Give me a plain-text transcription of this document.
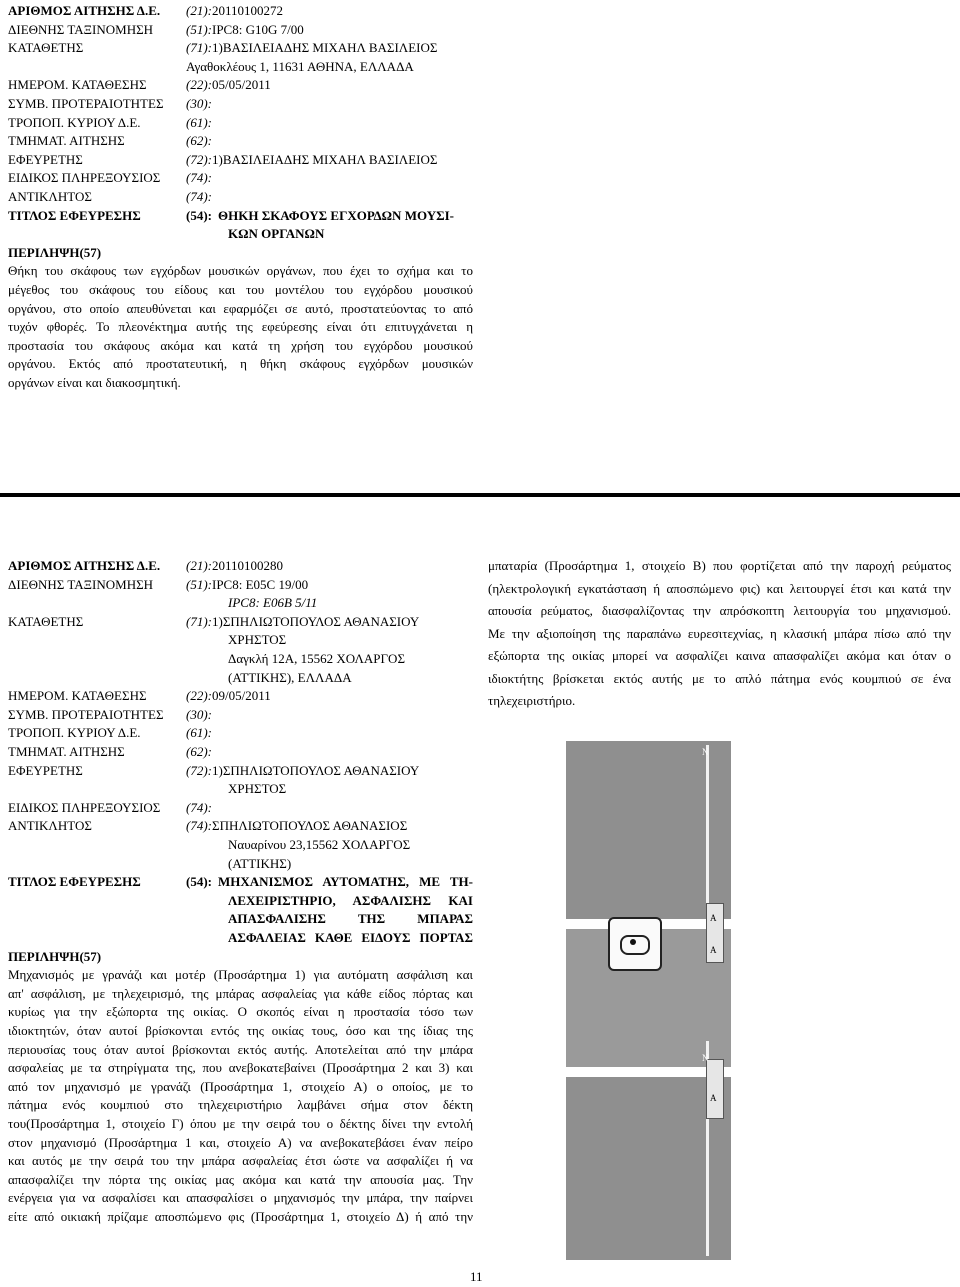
ΑΡΙΘΜΟΣ ΑΙΤΗΣΗΣ Δ.Ε. (21):20110100272
ΔΙΕΘΝΗΣ ΤΑΞΙΝΟΜΗΣΗ	(51):IPC8: G10G 7/00
ΚΑΤΑΘΕΤΗΣ	(71):1)ΒΑΣΙΛΕΙΑΔΗΣ ΜΙΧΑΗΛ ΒΑΣΙΛΕΙΟΣ
Αγαθοκλέους 1, 11631 ΑΘΗΝΑ, ΕΛΛΑΔΑ
ΗΜΕΡΟΜ. ΚΑΤΑΘΕΣΗΣ	(22):05/05/2011
ΣΥΜΒ. ΠΡΟΤΕΡΑΙΟΤΗΤΕΣ (30):
ΤΡΟΠΟΠ. ΚΥΡΙΟΥ Δ.Ε.	(61):
ΤΜΗΜΑΤ. ΑΙΤΗΣΗΣ	(62):
ΕΦΕΥΡΕΤΗΣ	(72):1)ΒΑΣΙΛΕΙΑΔΗΣ ΜΙΧΑΗΛ ΒΑΣΙΛΕΙΟΣ
ΕΙΔΙΚΟΣ ΠΛΗΡΕΞΟΥΣΙΟΣ (74):
ΑΝΤΙΚΛΗΤΟΣ	(74):
ΤΙΤΛΟΣ ΕΦΕΥΡΕΣΗΣ	(54): ΘΗΚΗ ΣΚΑΦΟΥΣ ΕΓΧΟΡΔΩΝ ΜΟΥΣΙ-
ΚΩΝ ΟΡΓΑΝΩΝ
ΠΕΡΙΛΗΨΗ(57)
Θήκη του σκάφους των εγχόρδων μουσικών οργάνων, που έχει το σχήμα και το
μέγεθος του σκάφους του είδους και του μοντέλου του εγχόρδου μουσικού
οργάνου, στο οποίο απευθύνεται και εφαρμόζει σε αυτό, προστατεύοντας το από
τυχόν φθορές. Το πλεονέκτημα αυτής της εφεύρεσης είναι ότι επιτυγχάνεται η
προστασία του σκάφους ακόμα και κατά τη χρήση του εγχόρδου μουσικού
οργάνου. Εκτός από προστατευτική, η θήκη σκάφους εγχόρδων μουσικών
οργάνων είναι και διακοσμητική.
ΑΡΙΘΜΟΣ ΑΙΤΗΣΗΣ Δ.Ε. (21):20110100280
ΔΙΕΘΝΗΣ ΤΑΞΙΝΟΜΗΣΗ	(51):IPC8: E05C 19/00
IPC8: E06B 5/11
ΚΑΤΑΘΕΤΗΣ	(71):1)ΣΠΗΛΙΩΤΟΠΟΥΛΟΣ ΑΘΑΝΑΣΙΟΥ
ΧΡΗΣΤΟΣ
Δαγκλή 12Α, 15562 ΧΟΛΑΡΓΟΣ
(ΑΤΤΙΚΗΣ), ΕΛΛΑΔΑ
ΗΜΕΡΟΜ. ΚΑΤΑΘΕΣΗΣ	(22):09/05/2011
ΣΥΜΒ. ΠΡΟΤΕΡΑΙΟΤΗΤΕΣ (30):
ΤΡΟΠΟΠ. ΚΥΡΙΟΥ Δ.Ε.	(61):
ΤΜΗΜΑΤ. ΑΙΤΗΣΗΣ	(62):
ΕΦΕΥΡΕΤΗΣ	(72):1)ΣΠΗΛΙΩΤΟΠΟΥΛΟΣ ΑΘΑΝΑΣΙΟΥ
ΧΡΗΣΤΟΣ
ΕΙΔΙΚΟΣ ΠΛΗΡΕΞΟΥΣΙΟΣ (74):
ΑΝΤΙΚΛΗΤΟΣ	(74):ΣΠΗΛΙΩΤΟΠΟΥΛΟΣ ΑΘΑΝΑΣΙΟΣ
Ναυαρίνου 23,15562 ΧΟΛΑΡΓΟΣ
(ΑΤΤΙΚΗΣ)
ΤΙΤΛΟΣ ΕΦΕΥΡΕΣΗΣ	(54): ΜΗΧΑΝΙΣΜΟΣ ΑΥΤΟΜΑΤΗΣ, ΜΕ ΤΗ-
ΛΕΧΕΙΡΙΣΤΗΡΙΟ, ΑΣΦΑΛΙΣΗΣ ΚΑΙ
ΑΠΑΣΦΑΛΙΣΗΣ ΤΗΣ ΜΠΑΡΑΣ
ΑΣΦΑΛΕΙΑΣ ΚΑΘΕ ΕΙΔΟΥΣ ΠΟΡΤΑΣ
ΠΕΡΙΛΗΨΗ(57)
Μηχανισμός με γρανάζι και μοτέρ (Προσάρτημα 1) για αυτόματη ασφάλιση και
απ' ασφάλιση, με τηλεχειρισμό, της μπάρας ασφαλείας για κάθε είδος πόρτας και
κυρίως για την εξώπορτα της οικίας. Ο σκοπός είναι η προστασία τόσο των
ιδιοκτητών, όταν αυτοί βρίσκονται εντός της οικίας τους, όσο και της ίδιας της
περιουσίας τους όταν αυτοί βρίσκονται εκτός αυτής. Αποτελείται από την μπάρα
ασφαλείας με τα στηρίγματα της, που ανεβοκατεβαίνει (Προσάρτημα 2 και 3) και
από τον μηχανισμό με γρανάζι (Προσάρτημα 1, στοιχείο Α) ο οποίος, με το
πάτημα ενός κουμπιού στο τηλεχειριστήριο λαμβάνει σήμα στον δέκτη
του(Προσάρτημα 1, στοιχείο Γ) όπου με την σειρά του ο δέκτης δίνει την εντολή
στον μηχανισμό (Προσάρτημα 1 και, στοιχείο Α) να ανεβοκατεβάσει έναν πείρο
και αυτός με την σειρά του την μπάρα ασφαλείας έτσι ώστε να ασφαλίζει ή να
απασφαλίζει την πόρτα της οικίας μας ακόμα και κατά την απουσία μας. Την
ενέργεια για να ασφαλίσει και απασφαλίσει ο μηχανισμός την μπάρα, την παίρνει
είτε από οικιακή πρίζαμε αποσπώμενο φις (Προσάρτημα 1, στοιχείο Δ) ή από την
μπαταρία (Προσάρτημα 1, στοιχείο Β) που φορτίζεται από την παροχή ρεύματος
(ηλεκτρολογική εγκατάσταση ή αποσπώμενο φις) και λειτουργεί έτσι και κατά την
απουσία ρεύματος, διασφαλίζοντας την απρόσκοπτη λειτουργία του μηχανισμού.
Με την αξιοποίηση της παραπάνω ευρεσιτεχνίας, η κλασική μπάρα πίσω από την
εξώπορτα της οικίας μπορεί να ασφαλίζει καινα απασφαλίζει ακόμα και όταν ο
ιδιοκτήτης βρίσκεται εκτός αυτής με το απλό πάτημα ενός κουμπιού σε ένα
τηλεχειριστήριο.
Ν
Α
Α
Ν
Α
11
